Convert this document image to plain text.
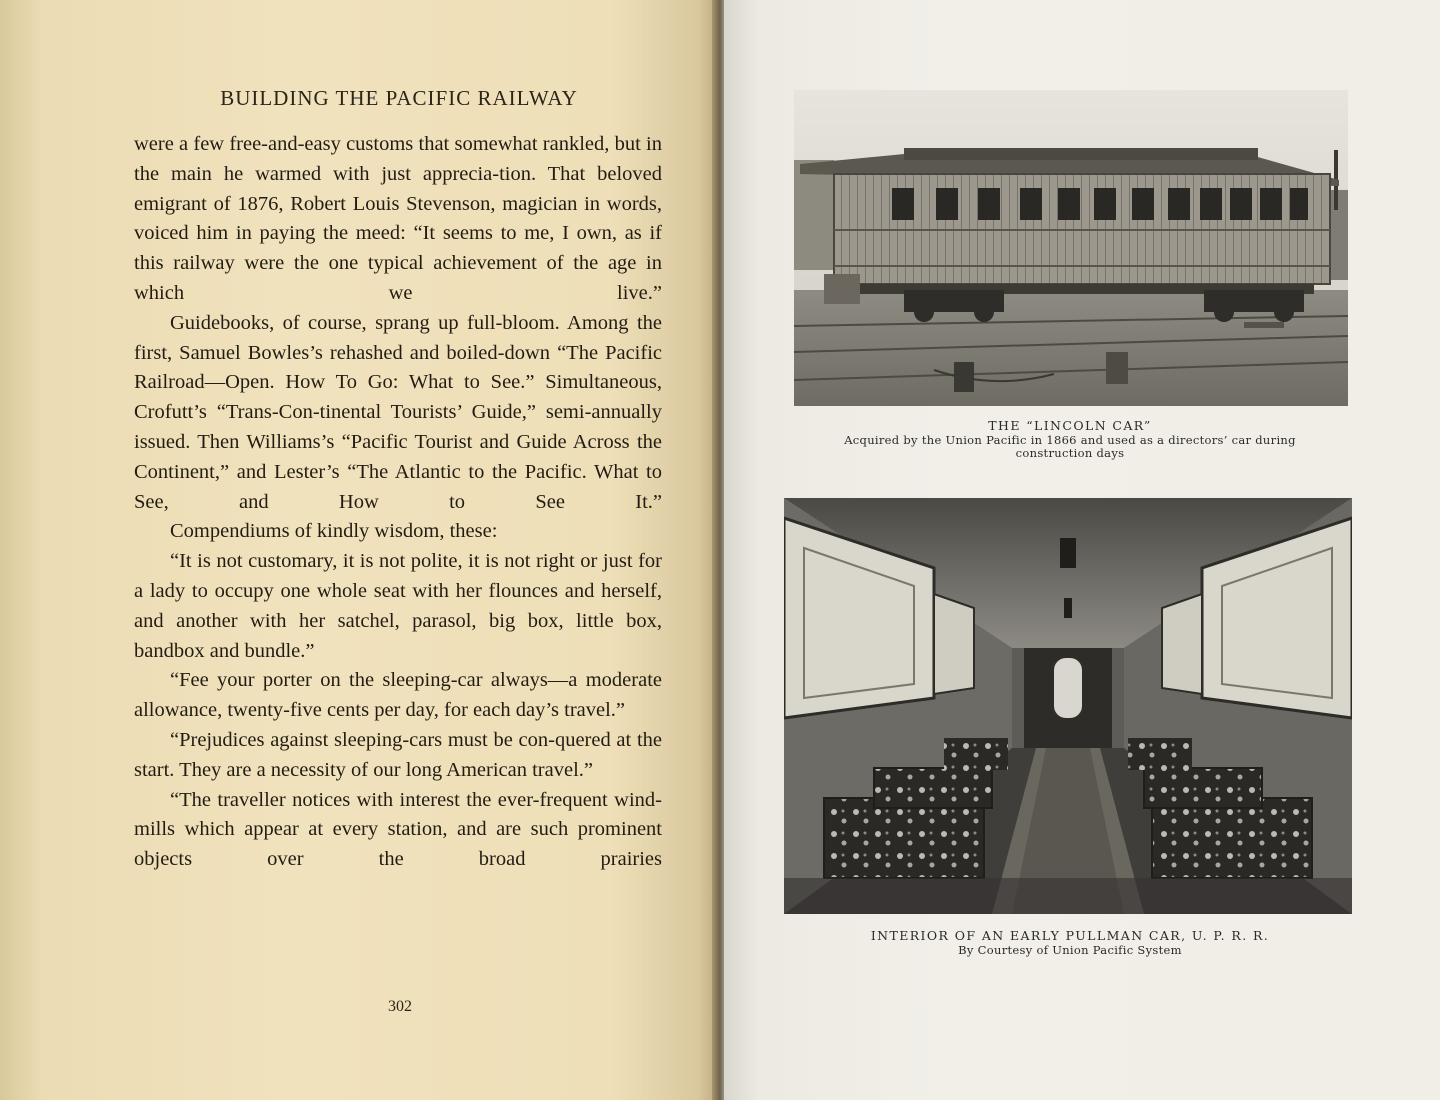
BUILDING THE PACIFIC RAILWAY

were a few free-and-easy customs that somewhat rankled, but in the main he warmed with just apprecia-tion. That beloved emigrant of 1876, Robert Louis Stevenson, magician in words, voiced him in paying the meed: “It seems to me, I own, as if this railway were the one typical achievement of the age in which we live.”

Guidebooks, of course, sprang up full-bloom. Among the first, Samuel Bowles’s rehashed and boiled-down “The Pacific Railroad—Open. How To Go: What to See.” Simultaneous, Crofutt’s “Trans-Con-tinental Tourists’ Guide,” semi-annually issued. Then Williams’s “Pacific Tourist and Guide Across the Continent,” and Lester’s “The Atlantic to the Pacific. What to See, and How to See It.”

Compendiums of kindly wisdom, these:

“It is not customary, it is not polite, it is not right or just for a lady to occupy one whole seat with her flounces and herself, and another with her satchel, parasol, big box, little box, bandbox and bundle.”

“Fee your porter on the sleeping-car always—a moderate allowance, twenty-five cents per day, for each day’s travel.”

“Prejudices against sleeping-cars must be con-quered at the start. They are a necessity of our long American travel.”

“The traveller notices with interest the ever-frequent wind-mills which appear at every station, and are such prominent objects over the broad prairies

302
THE “LINCOLN CAR”
Acquired by the Union Pacific in 1866 and used as a directors’ car during
construction days
INTERIOR OF AN EARLY PULLMAN CAR, U. P. R. R.
By Courtesy of Union Pacific System
